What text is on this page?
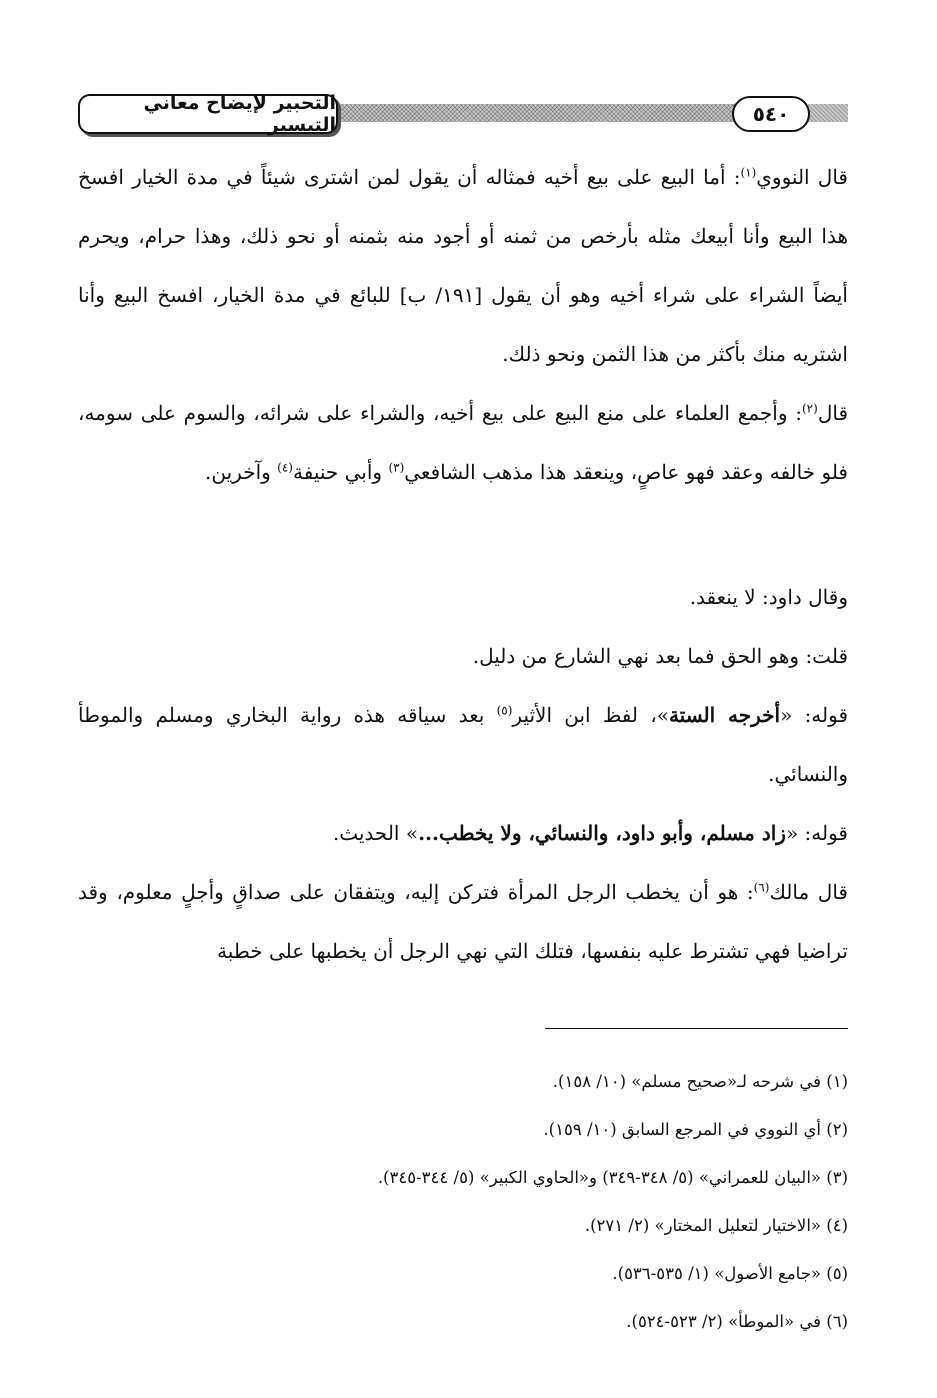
التحبير لإيضاح معاني التيسير	٥٤٠

قال النووي$^{(١)}$: أما البيع على بيع أخيه فمثاله أن يقول لمن اشترى شيئاً في مدة الخيار افسخ هذا البيع وأنا أبيعك مثله بأرخص من ثمنه أو أجود منه بثمنه أو نحو ذلك، وهذا حرام، ويحرم أيضاً الشراء على شراء أخيه وهو أن يقول [١٩١/ ب] للبائع في مدة الخيار، افسخ البيع وأنا اشتريه منك بأكثر من هذا الثمن ونحو ذلك.

قال$^{(٢)}$: وأجمع العلماء على منع البيع على بيع أخيه، والشراء على شرائه، والسوم على سومه، فلو خالفه وعقد فهو عاصٍ، وينعقد هذا مذهب الشافعي$^{(٣)}$ وأبي حنيفة$^{(٤)}$ وآخرين.

وقال داود: لا ينعقد.

قلت: وهو الحق فما بعد نهي الشارع من دليل.

قوله: «أخرجه الستة»، لفظ ابن الأثير$^{(٥)}$ بعد سياقه هذه رواية البخاري ومسلم والموطأ والنسائي.

قوله: «زاد مسلم، وأبو داود، والنسائي، ولا يخطب...» الحديث.

قال مالك$^{(٦)}$: هو أن يخطب الرجل المرأة فتركن إليه، ويتفقان على صداقٍ وأجلٍ معلوم، وقد تراضيا فهي تشترط عليه بنفسها، فتلك التي نهي الرجل أن يخطبها على خطبة

(١) في شرحه لـ«صحيح مسلم» (١٠/ ١٥٨).
(٢) أي النووي في المرجع السابق (١٠/ ١٥٩).
(٣) «البيان للعمراني» (٥/ ٣٤٨-٣٤٩) و«الحاوي الكبير» (٥/ ٣٤٤-٣٤٥).
(٤) «الاختيار لتعليل المختار» (٢/ ٢٧١).
(٥) «جامع الأصول» (١/ ٥٣٥-٥٣٦).
(٦) في «الموطأ» (٢/ ٥٢٣-٥٢٤).
